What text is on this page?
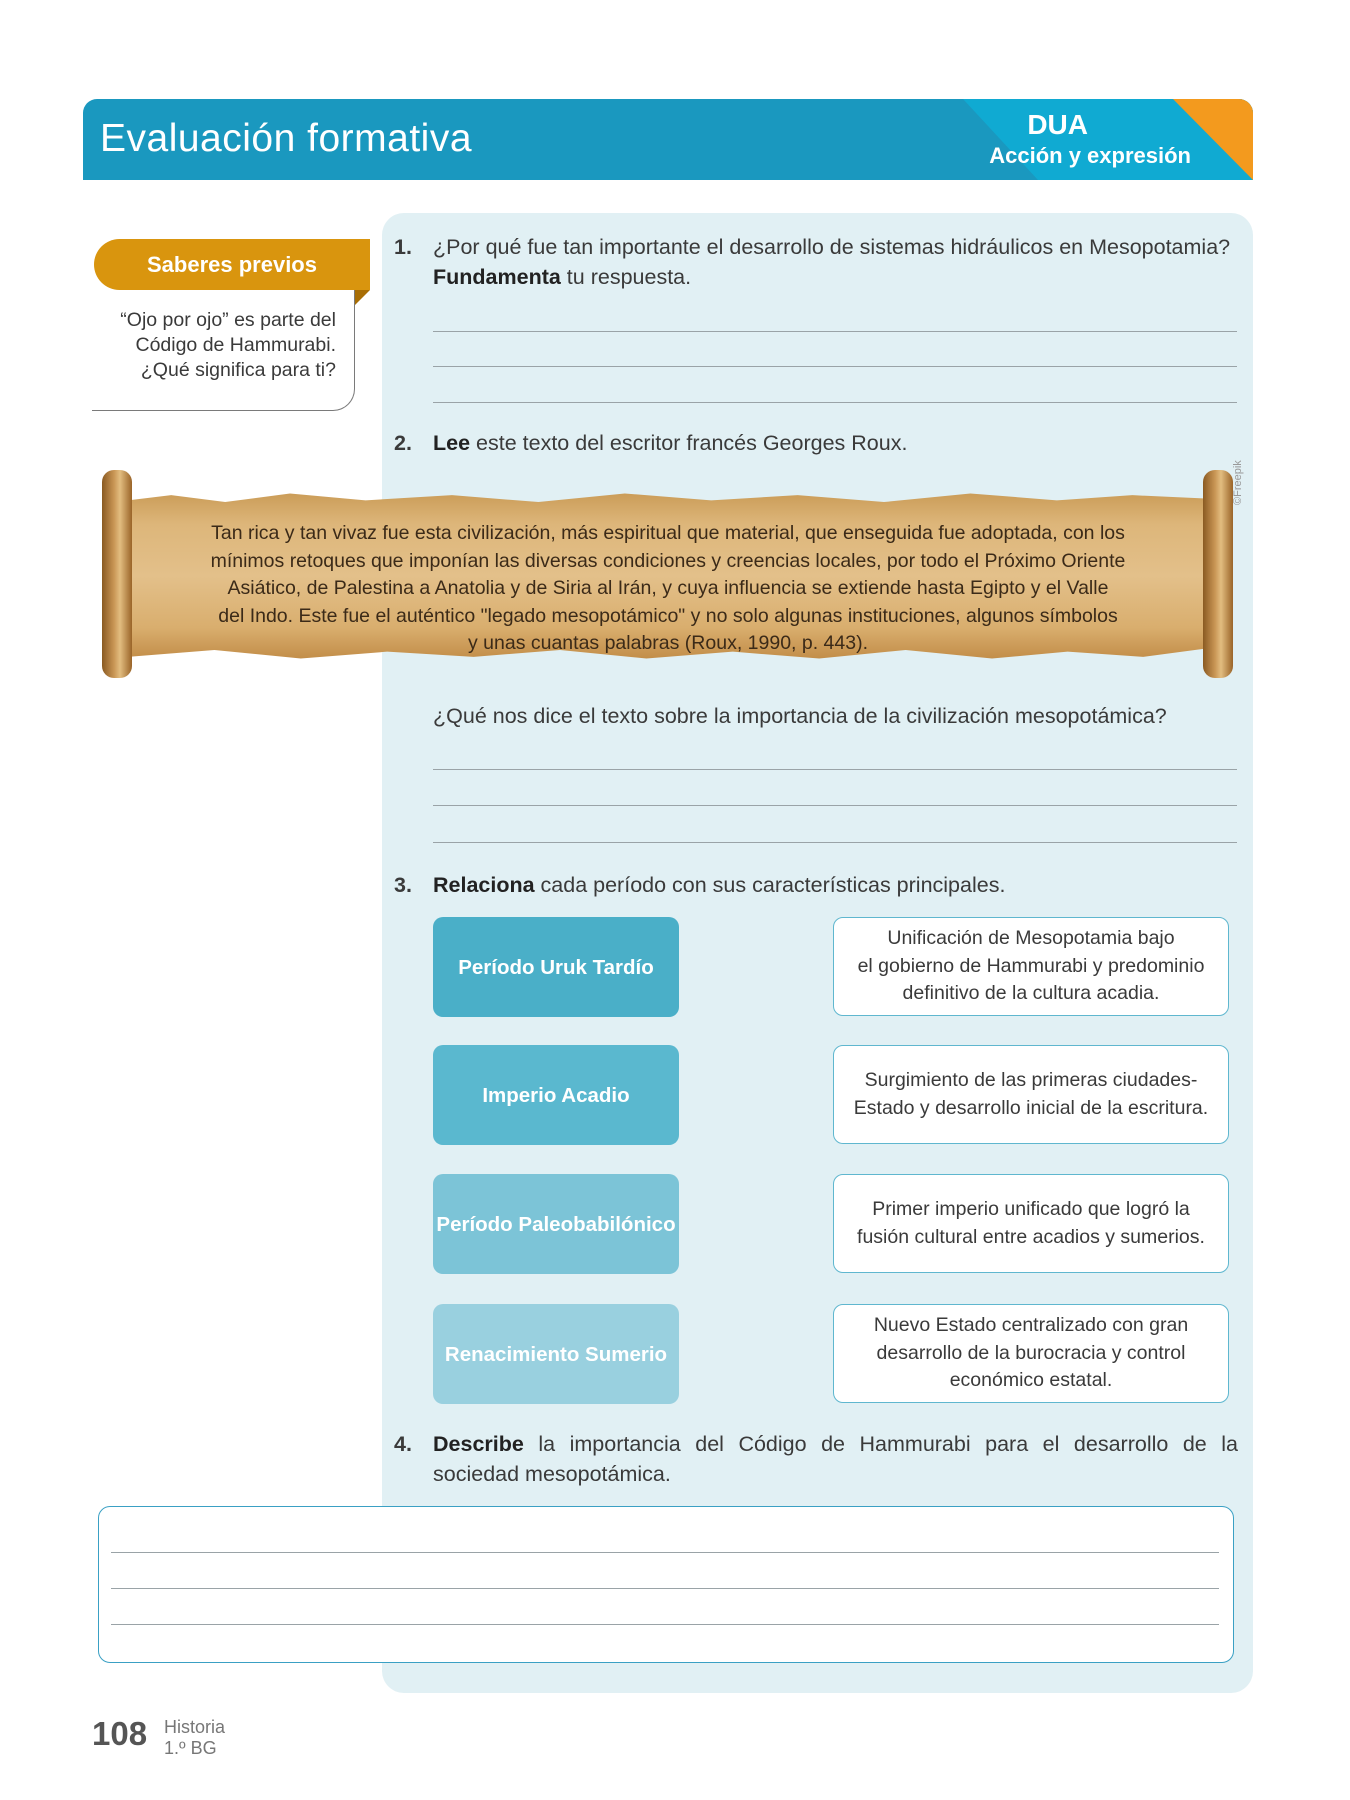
Evaluación formativa	DUA
Acción y expresión
Saberes previos
“Ojo por ojo” es parte del
Código de Hammurabi.
¿Qué significa para ti?
1. ¿Por qué fue tan importante el desarrollo de sistemas hidráulicos en Mesopotamia?
Fundamenta tu respuesta.
2. Lee este texto del escritor francés Georges Roux.
Tan rica y tan vivaz fue esta civilización, más espiritual que material, que enseguida fue adoptada, con los
mínimos retoques que imponían las diversas condiciones y creencias locales, por todo el Próximo Oriente
Asiático, de Palestina a Anatolia y de Siria al Irán, y cuya influencia se extiende hasta Egipto y el Valle
del Indo. Este fue el auténtico "legado mesopotámico" y no solo algunas instituciones, algunos símbolos
y unas cuantas palabras (Roux, 1990, p. 443).
©Freepik
¿Qué nos dice el texto sobre la importancia de la civilización mesopotámica?
3. Relaciona cada período con sus características principales.
Período Uruk Tardío
Imperio Acadio
Período Paleobabilónico
Renacimiento Sumerio
Unificación de Mesopotamia bajo
el gobierno de Hammurabi y predominio
definitivo de la cultura acadia.
Surgimiento de las primeras ciudades-
Estado y desarrollo inicial de la escritura.
Primer imperio unificado que logró la
fusión cultural entre acadios y sumerios.
Nuevo Estado centralizado con gran
desarrollo de la burocracia y control
económico estatal.
4. Describe la importancia del Código de Hammurabi para el desarrollo de la
sociedad mesopotámica.
108 Historia
1.º BG
